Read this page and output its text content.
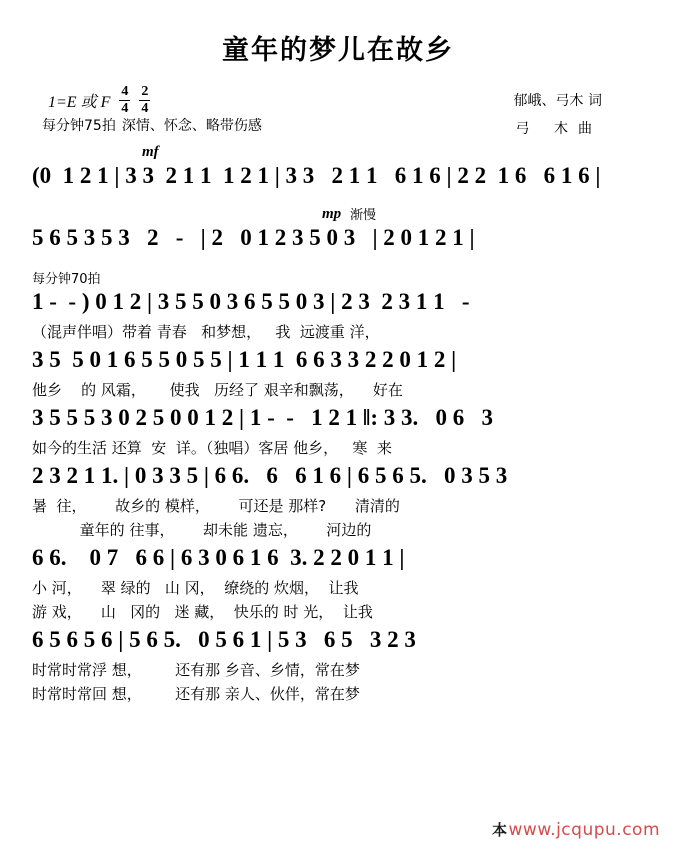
童年的梦儿在故乡
1=E 或 F $\frac{4}{4} \frac{2}{4}$
每分钟75拍 深情、怀念、略带伤感
郁峨、弓木 词
弓 木曲
mf
(0  1 2 1 | 3 3  2 1 1  1 2 1 | 3 3   2 1 1   6 1 6 | 2 2  1 6   6 1 6 |
mp 渐慢
5 6 5 3 5 3   2   -   | 2   0 1 2 3 5 0 3   | 2 0 1 2 1 |
每分钟70拍
1 -  - ) 0 1 2 | 3 5 5 0 3 6 5 5 0 3 | 2 3  2 3 1 1   -
（混声伴唱）带着 青春   和梦想，   我  远渡重 洋，
3 5  5 0 1 6 5 5 0 5 5 | 1 1 1  6 6 3 3 2 2 0 1 2 |
他乡    的 风霜，     使我   历经了 艰辛和飘荡，    好在
3 5 5 5 3 0 2 5 0 0 1 2 | 1 -  -   1 2 1 ‖: 3 3.   0 6   3
如今的生活 还算  安  详。（独唱）客居 他乡，   寒  来
2 3 2 1 1. | 0 3 3 5 | 6 6.   6   6 1 6 | 6 5 6 5.   0 3 5 3
暑  往，      故乡的 模样，      可还是 那样?      清清的
童年的 往事，      却未能 遗忘，      河边的
6 6.    0 7   6 6 | 6 3 0 6 1 6  3. 2 2 0 1 1 |
小 河，    翠 绿的   山 冈，  缭绕的 炊烟，  让我
游 戏，    山   冈的   迷 藏，  快乐的 时 光，  让我
6 5 6 5 6 | 5 6 5.   0 5 6 1 | 5 3   6 5   3 2 3
时常时常浮 想，       还有那 乡音、乡情，常在梦
时常时常回 想，       还有那 亲人、伙伴，常在梦
本www.jcqupu.com
